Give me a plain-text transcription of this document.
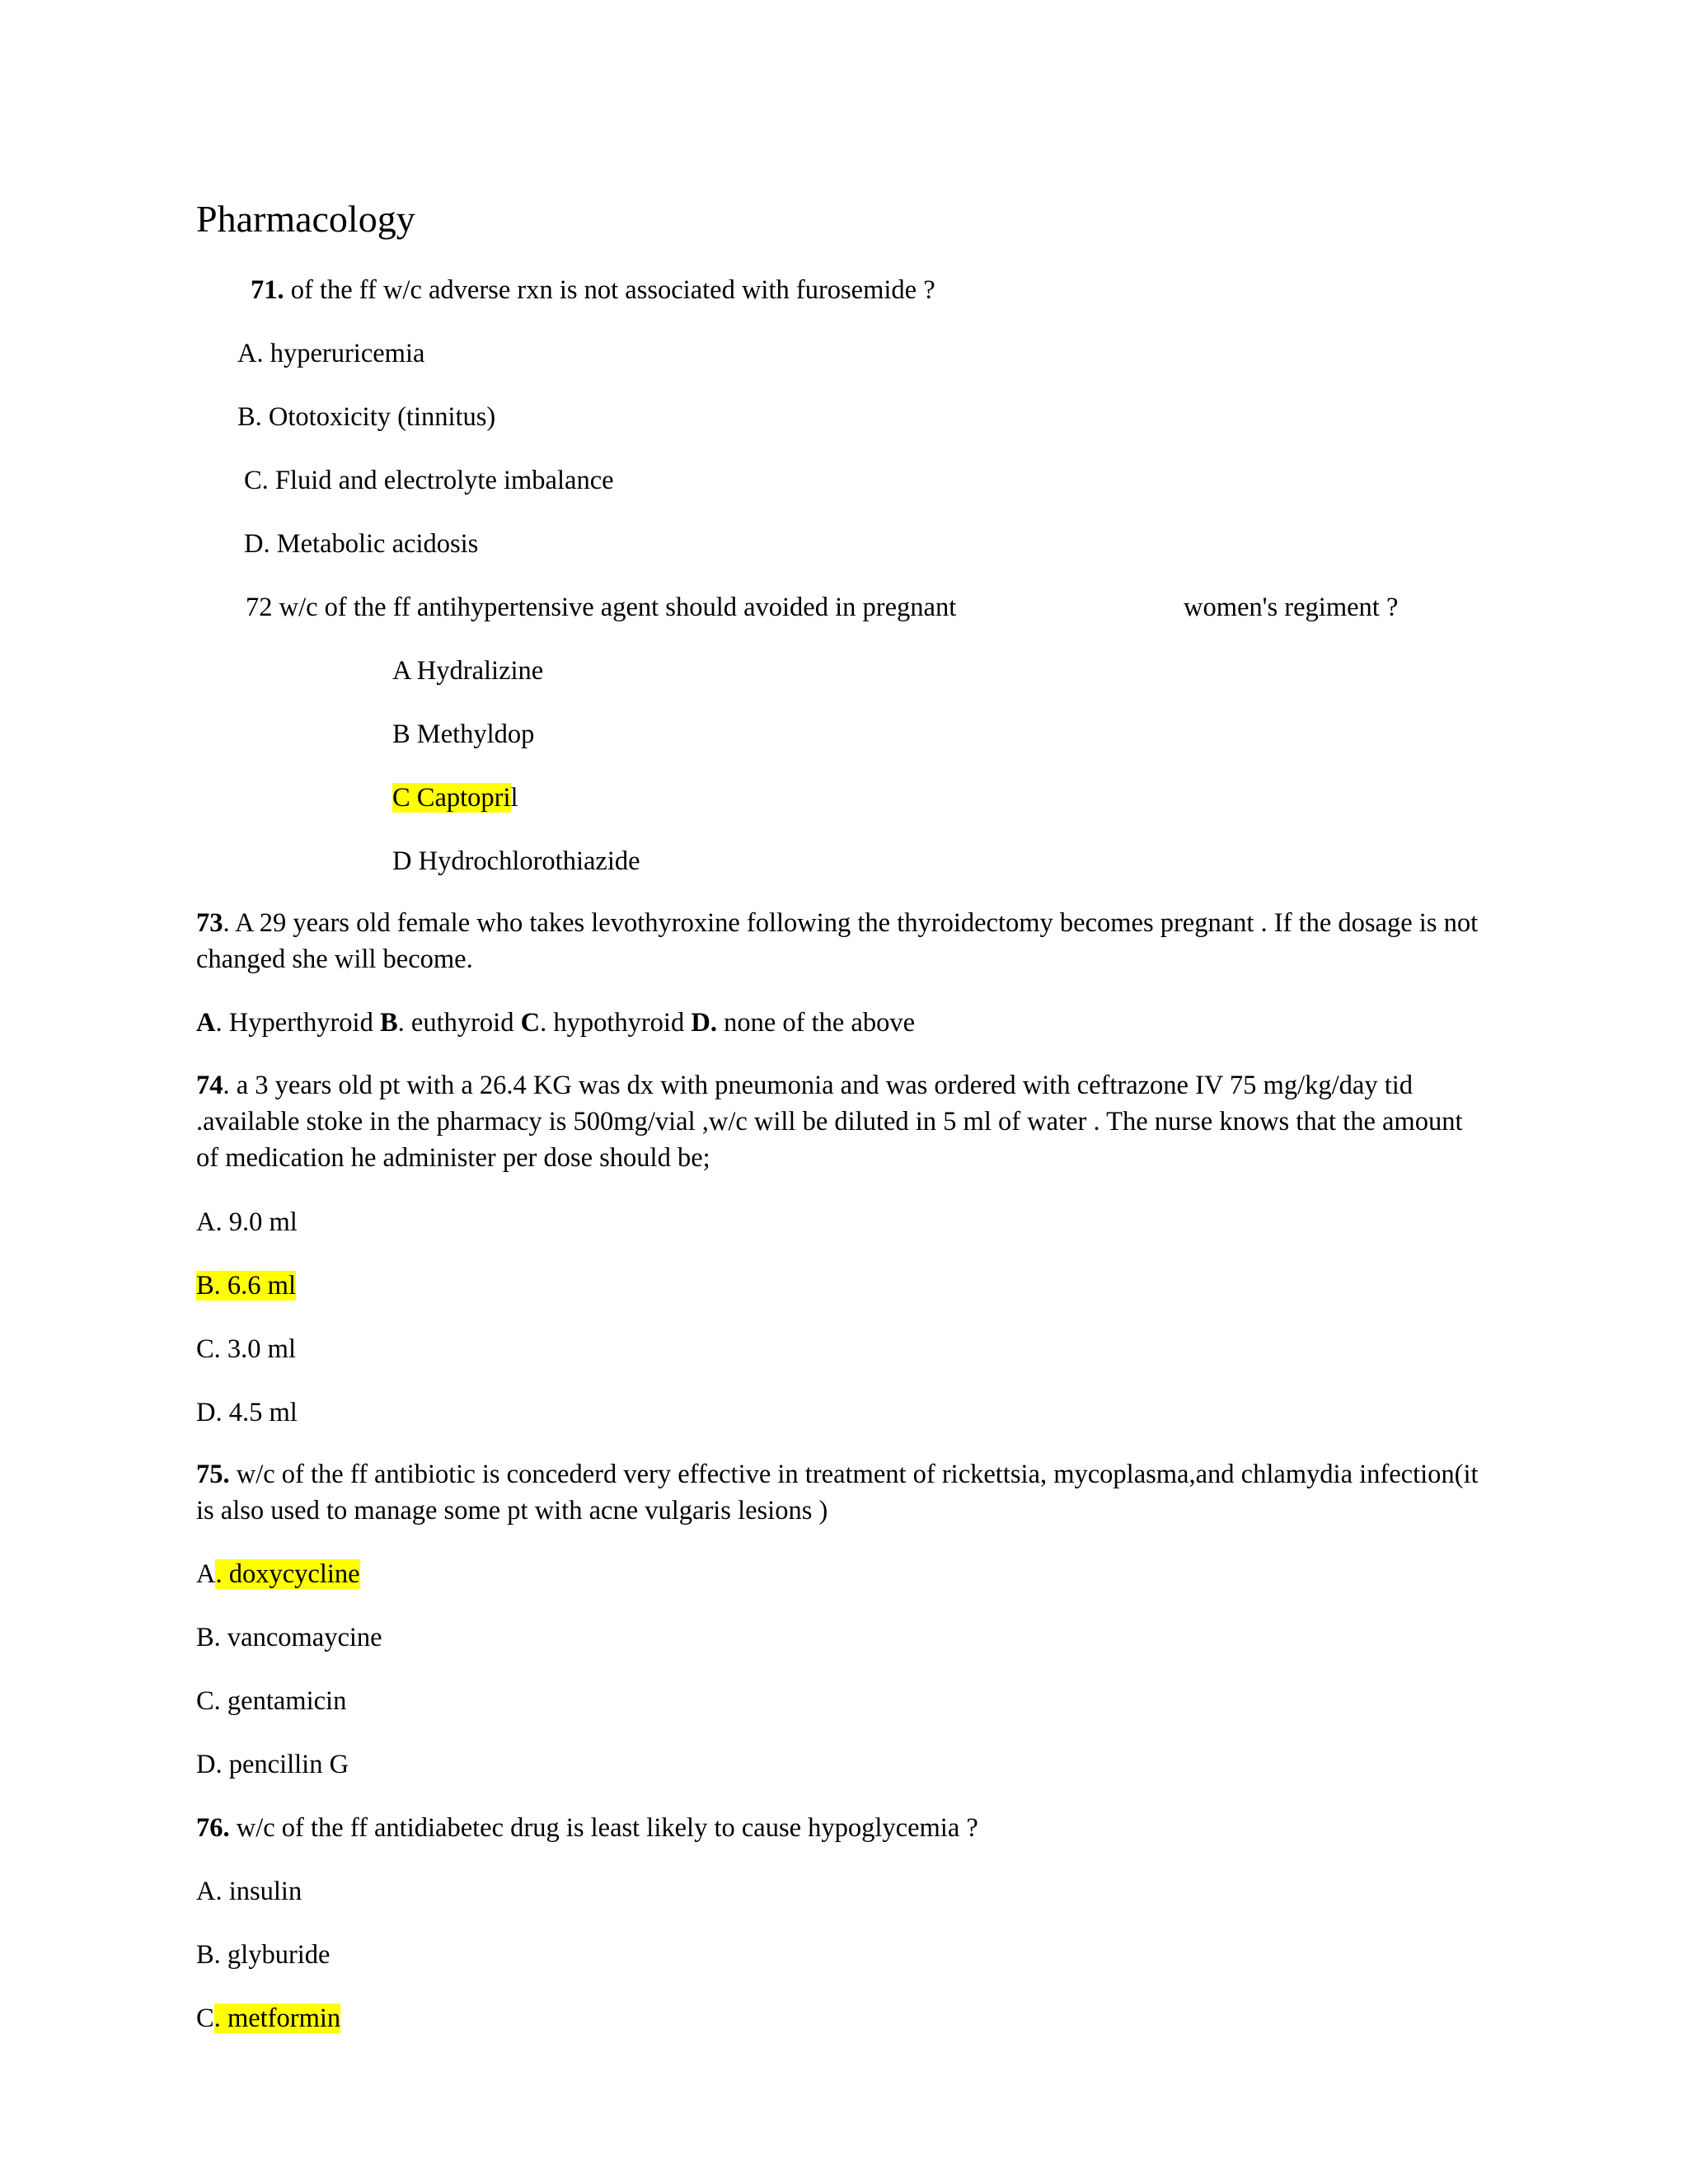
Pharmacology
71. of the ff w/c adverse rxn is not associated with furosemide ?
A. hyperuricemia
B. Ototoxicity (tinnitus)
C. Fluid and electrolyte imbalance
D. Metabolic acidosis
72 w/c of the ff antihypertensive agent should avoided in pregnant	women's regiment ?
A Hydralizine
B Methyldop
C Captopril
D Hydrochlorothiazide
73. A 29 years old female who takes levothyroxine following the thyroidectomy becomes pregnant . If the dosage is not changed she will become.
A. Hyperthyroid B. euthyroid C. hypothyroid D. none of the above
74. a 3 years old pt with a 26.4 KG was dx with pneumonia and was ordered with ceftrazone IV 75 mg/kg/day tid .available stoke in the pharmacy is 500mg/vial ,w/c will be diluted in 5 ml of water . The nurse knows that the amount of medication he administer per dose should be;
A. 9.0 ml
B. 6.6 ml
C. 3.0 ml
D. 4.5 ml
75. w/c of the ff antibiotic is concederd very effective in treatment of rickettsia, mycoplasma,and chlamydia infection(it is also used to manage some pt with acne vulgaris lesions )
A. doxycycline
B. vancomaycine
C. gentamicin
D. pencillin G
76. w/c of the ff antidiabetec drug is least likely to cause hypoglycemia ?
A. insulin
B. glyburide
C. metformin
